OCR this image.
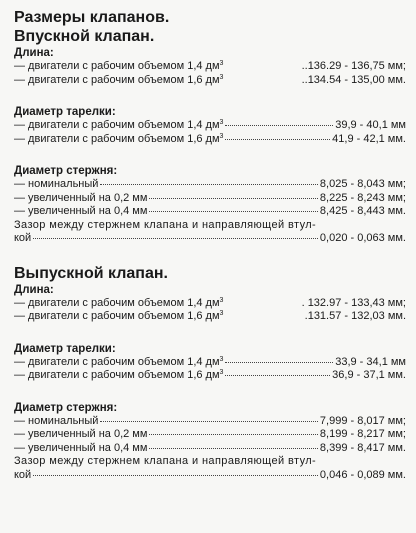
Размеры клапанов.
Впускной клапан.
Длина:
— двигатели с рабочим объемом 1,4 $дм^3$	..136.29 - 136,75 мм;
— двигатели с рабочим объемом 1,6 $дм^3$	..134.54 - 135,00 мм.
Диаметр тарелки:
— двигатели с рабочим объемом 1,4 $дм^3$	39,9 - 40,1 мм
— двигатели с рабочим объемом 1,6 $дм^3$	41,9 - 42,1 мм.
Диаметр стержня:
— номинальный	8,025 - 8,043 мм;
— увеличенный на 0,2 мм	8,225 - 8,243 мм;
— увеличенный на 0,4 мм	8,425 - 8,443 мм.
Зазор между стержнем клапана и направляющей втул-
кой	0,020 - 0,063 мм.
Выпускной клапан.
Длина:
— двигатели с рабочим объемом 1,4 $дм^3$	. 132.97 - 133,43 мм;
— двигатели с рабочим объемом 1,6 $дм^3$	.131.57 - 132,03 мм.
Диаметр тарелки:
— двигатели с рабочим объемом 1,4 $дм^3$	33,9 - 34,1 мм
— двигатели с рабочим объемом 1,6 $дм^3$	36,9 - 37,1 мм.
Диаметр стержня:
— номинальный	7,999 - 8,017 мм;
— увеличенный на 0,2 мм	8,199 - 8,217 мм;
— увеличенный на 0,4 мм	8,399 - 8,417 мм.
Зазор между стержнем клапана и направляющей втул-
кой	0,046 - 0,089 мм.
